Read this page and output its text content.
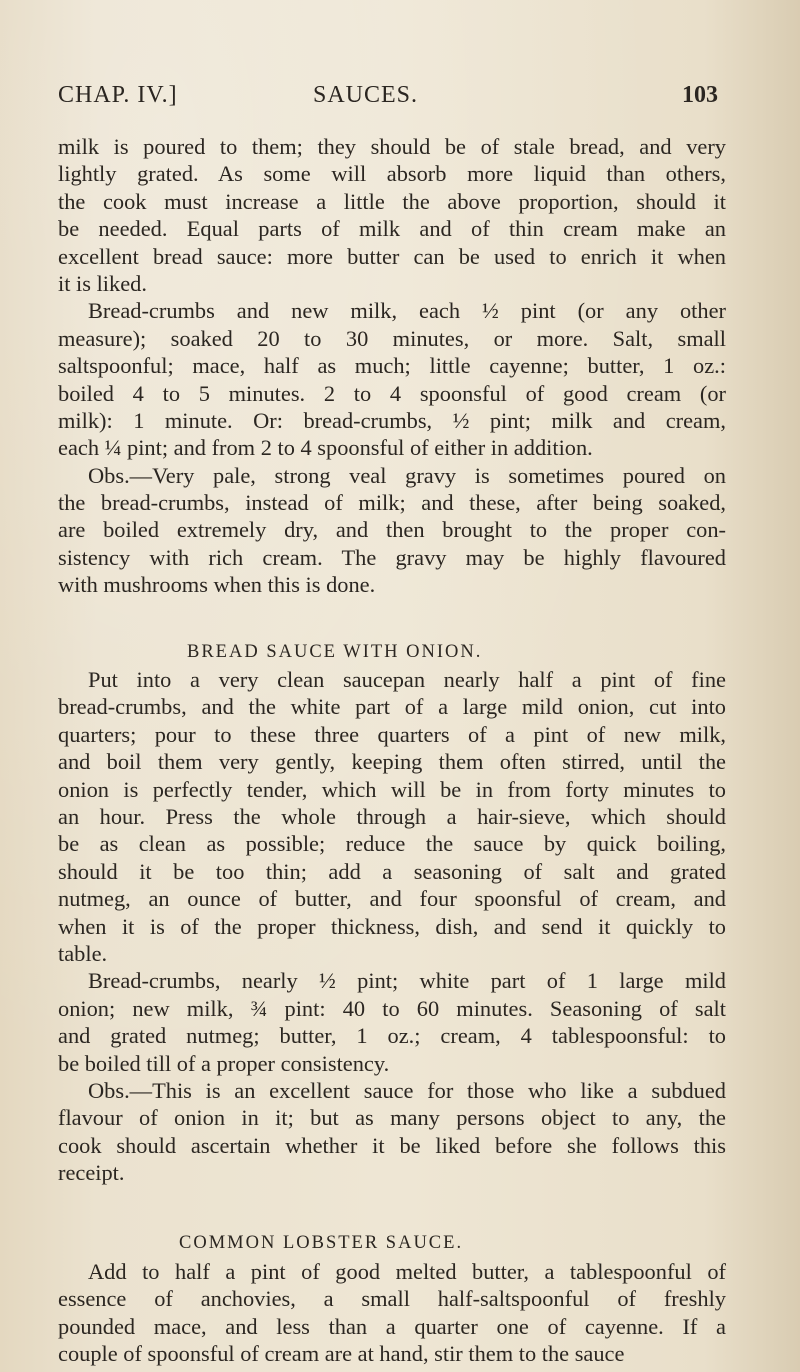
CHAP. IV.]	SAUCES.	103
milk is poured to them; they should be of stale bread, and very
lightly grated. As some will absorb more liquid than others,
the cook must increase a little the above proportion, should it
be needed. Equal parts of milk and of thin cream make an
excellent bread sauce: more butter can be used to enrich it when
it is liked.
Bread-crumbs and new milk, each ½ pint (or any other
measure); soaked 20 to 30 minutes, or more. Salt, small
saltspoonful; mace, half as much; little cayenne; butter, 1 oz.:
boiled 4 to 5 minutes. 2 to 4 spoonsful of good cream (or
milk): 1 minute. Or: bread-crumbs, ½ pint; milk and cream,
each ¼ pint; and from 2 to 4 spoonsful of either in addition.
Obs.—Very pale, strong veal gravy is sometimes poured on
the bread-crumbs, instead of milk; and these, after being soaked,
are boiled extremely dry, and then brought to the proper con-
sistency with rich cream. The gravy may be highly flavoured
with mushrooms when this is done.
BREAD SAUCE WITH ONION.
Put into a very clean saucepan nearly half a pint of fine
bread-crumbs, and the white part of a large mild onion, cut into
quarters; pour to these three quarters of a pint of new milk,
and boil them very gently, keeping them often stirred, until the
onion is perfectly tender, which will be in from forty minutes to
an hour. Press the whole through a hair-sieve, which should
be as clean as possible; reduce the sauce by quick boiling,
should it be too thin; add a seasoning of salt and grated
nutmeg, an ounce of butter, and four spoonsful of cream, and
when it is of the proper thickness, dish, and send it quickly to
table.
Bread-crumbs, nearly ½ pint; white part of 1 large mild
onion; new milk, ¾ pint: 40 to 60 minutes. Seasoning of salt
and grated nutmeg; butter, 1 oz.; cream, 4 tablespoonsful: to
be boiled till of a proper consistency.
Obs.—This is an excellent sauce for those who like a subdued
flavour of onion in it; but as many persons object to any, the
cook should ascertain whether it be liked before she follows this
receipt.
COMMON LOBSTER SAUCE.
Add to half a pint of good melted butter, a tablespoonful of
essence of anchovies, a small half-saltspoonful of freshly
pounded mace, and less than a quarter one of cayenne. If a
couple of spoonsful of cream are at hand, stir them to the sauce
